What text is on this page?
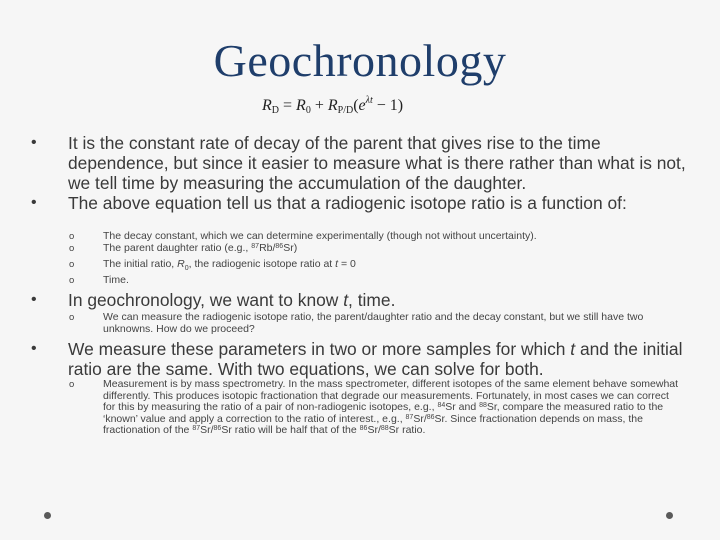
Geochronology
$R_D = R_0 + R_{P/D}(e^{\lambda t} - 1)$
• It is the constant rate of decay of the parent that gives rise to the time dependence, but since it easier to measure what is there rather than what is not, we tell time by measuring the accumulation of the daughter.
• The above equation tell us that a radiogenic isotope ratio is a function of:
o	The decay constant, which we can determine experimentally (though not without uncertainty).
o	The parent daughter ratio (e.g., $^{87}$Rb/$^{86}$Sr)
o	The initial ratio, $R_0$, the radiogenic isotope ratio at t = 0
o	Time.
• In geochronology, we want to know t, time.
o	We can measure the radiogenic isotope ratio, the parent/daughter ratio and the decay constant, but we still have two unknowns. How do we proceed?
• We measure these parameters in two or more samples for which t and the initial ratio are the same. With two equations, we can solve for both.
o	Measurement is by mass spectrometry. In the mass spectrometer, different isotopes of the same element behave somewhat differently. This produces isotopic fractionation that degrade our measurements. Fortunately, in most cases we can correct for this by measuring the ratio of a pair of non-radiogenic isotopes, e.g., $^{84}$Sr and $^{88}$Sr, compare the measured ratio to the ‘known’ value and apply a correction to the ratio of interest., e.g., $^{87}$Sr/$^{86}$Sr. Since fractionation depends on mass, the fractionation of the $^{87}$Sr/$^{86}$Sr ratio will be half that of the $^{86}$Sr/$^{88}$Sr ratio.
